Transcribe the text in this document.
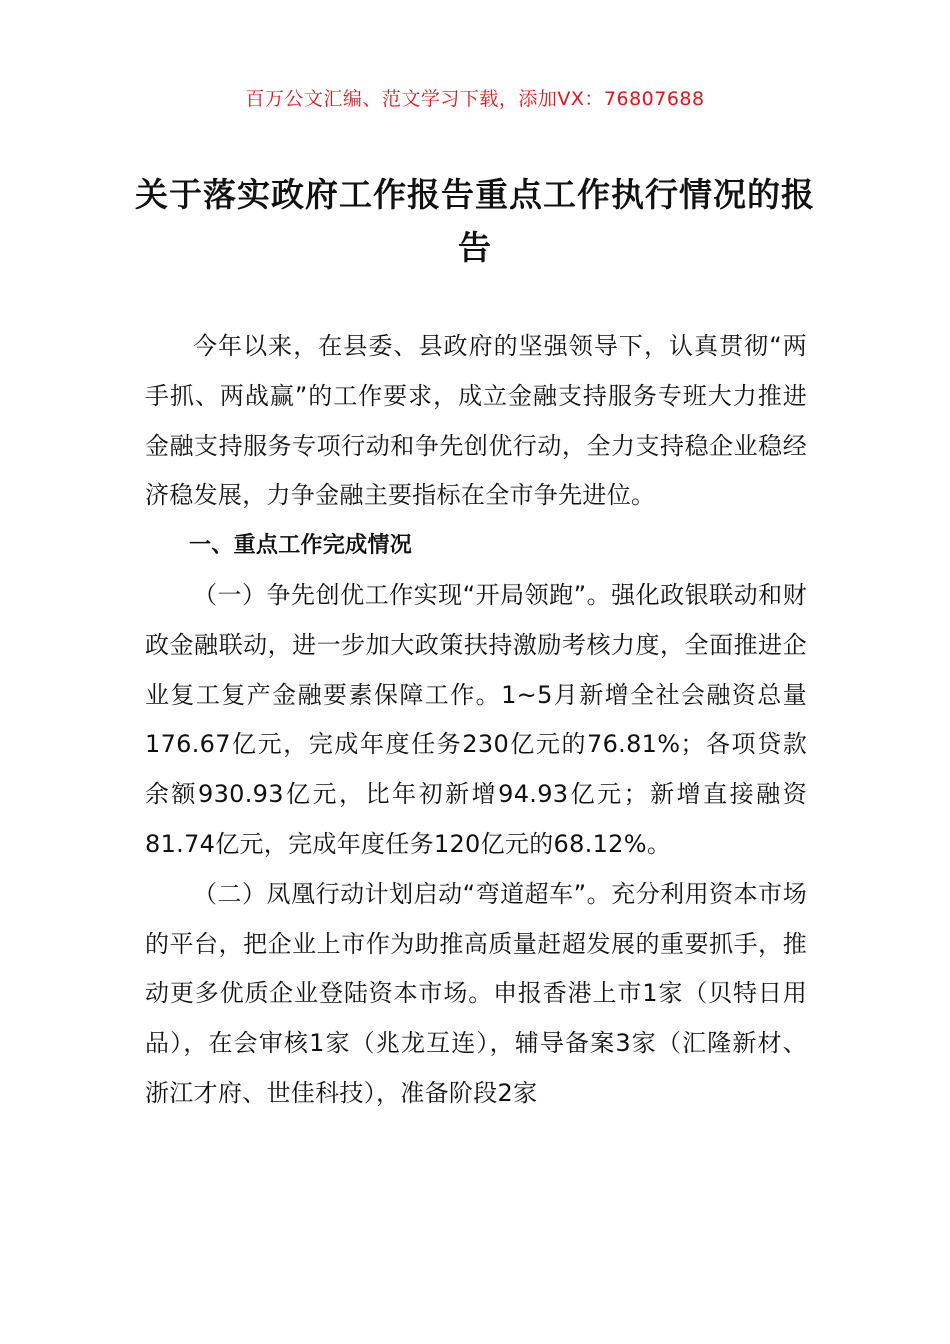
百万公文汇编、范文学习下载，添加VX：76807688
关于落实政府工作报告重点工作执行情况的报告

今年以来，在县委、县政府的坚强领导下，认真贯彻“两手抓、两战赢”的工作要求，成立金融支持服务专班大力推进金融支持服务专项行动和争先创优行动，全力支持稳企业稳经济稳发展，力争金融主要指标在全市争先进位。

一、重点工作完成情况

（一）争先创优工作实现“开局领跑”。强化政银联动和财政金融联动，进一步加大政策扶持激励考核力度，全面推进企业复工复产金融要素保障工作。1~5月新增全社会融资总量176.67亿元，完成年度任务230亿元的76.81%；各项贷款余额930.93亿元，比年初新增94.93亿元；新增直接融资81.74亿元，完成年度任务120亿元的68.12%。

（二）凤凰行动计划启动“弯道超车”。充分利用资本市场的平台，把企业上市作为助推高质量赶超发展的重要抓手，推动更多优质企业登陆资本市场。申报香港上市1家（贝特日用品），在会审核1家（兆龙互连），辅导备案3家（汇隆新材、浙江才府、世佳科技），准备阶段2家
